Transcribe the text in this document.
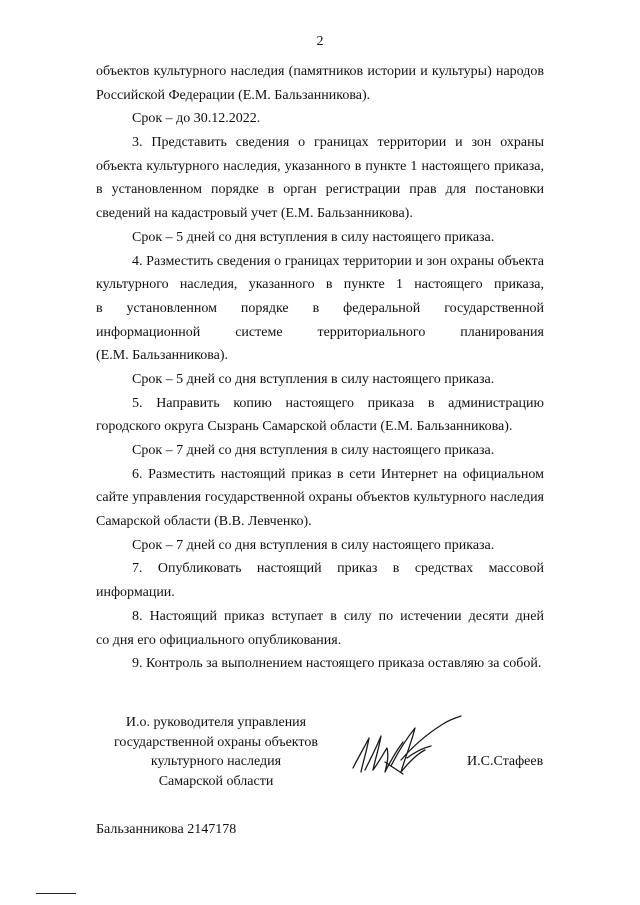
2
объектов культурного наследия (памятников истории и культуры) народов
Российской Федерации (Е.М. Бальзанникова).
Срок – до 30.12.2022.
3. Представить сведения о границах территории и зон охраны
объекта культурного наследия, указанного в пункте 1 настоящего приказа,
в установленном порядке в орган регистрации прав для постановки
сведений на кадастровый учет (Е.М. Бальзанникова).
Срок – 5 дней со дня вступления в силу настоящего приказа.
4. Разместить сведения о границах территории и зон охраны объекта
культурного наследия, указанного в пункте 1 настоящего приказа,
в установленном порядке в федеральной государственной
информационной системе территориального планирования
(Е.М. Бальзанникова).
Срок – 5 дней со дня вступления в силу настоящего приказа.
5. Направить копию настоящего приказа в администрацию
городского округа Сызрань Самарской области (Е.М. Бальзанникова).
Срок – 7 дней со дня вступления в силу настоящего приказа.
6. Разместить настоящий приказ в сети Интернет на официальном
сайте управления государственной охраны объектов культурного наследия
Самарской области (В.В. Левченко).
Срок – 7 дней со дня вступления в силу настоящего приказа.
7. Опубликовать настоящий приказ в средствах массовой
информации.
8. Настоящий приказ вступает в силу по истечении десяти дней
со дня его официального опубликования.
9. Контроль за выполнением настоящего приказа оставляю за собой.
И.о. руководителя управления
государственной охраны объектов
культурного наследия
Самарской области
И.С.Стафеев
Бальзанникова 2147178
